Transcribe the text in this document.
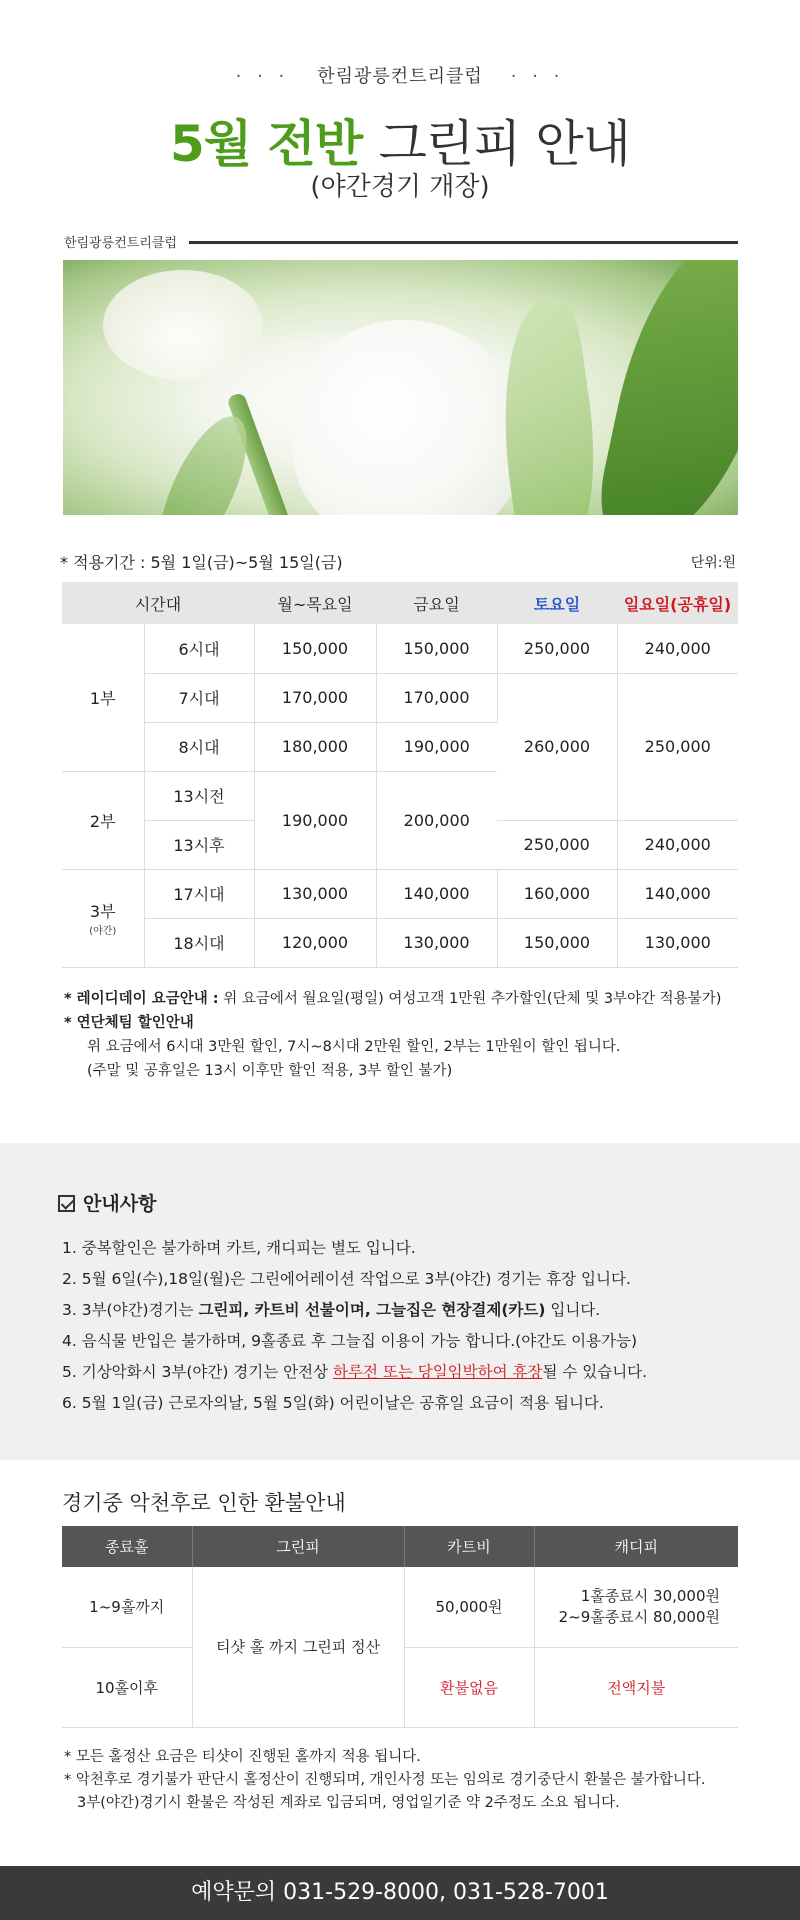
· · · 한림광릉컨트리클럽 · · ·
5월 전반 그린피 안내
(야간경기 개장)
한림광릉컨트리클럽
* 적용기간 : 5월 1일(금)~5월 15일(금)	단위:원
시간대		월~목요일	금요일	토요일	일요일(공휴일)
1부	6시대	150,000	150,000	250,000	240,000
	7시대	170,000	170,000	260,000	250,000
	8시대	180,000	190,000		
2부	13시전	190,000	200,000		
	13시후			250,000	240,000
3부
(야간)	17시대	130,000	140,000	160,000	140,000
	18시대	120,000	130,000	150,000	130,000
* 레이디데이 요금안내 : 위 요금에서 월요일(평일) 여성고객 1만원 추가할인(단체 및 3부야간 적용불가)
* 연단체팀 할인안내
위 요금에서 6시대 3만원 할인, 7시~8시대 2만원 할인, 2부는 1만원이 할인 됩니다.
(주말 및 공휴일은 13시 이후만 할인 적용, 3부 할인 불가)
안내사항
1. 중복할인은 불가하며 카트, 캐디피는 별도 입니다.
2. 5월 6일(수),18일(월)은 그린에어레이션 작업으로 3부(야간) 경기는 휴장 입니다.
3. 3부(야간)경기는 그린피, 카트비 선불이며, 그늘집은 현장결제(카드) 입니다.
4. 음식물 반입은 불가하며, 9홀종료 후 그늘집 이용이 가능 합니다.(야간도 이용가능)
5. 기상악화시 3부(야간) 경기는 안전상 하루전 또는 당일임박하여 휴장될 수 있습니다.
6. 5월 1일(금) 근로자의날, 5월 5일(화) 어린이날은 공휴일 요금이 적용 됩니다.
경기중 악천후로 인한 환불안내
종료홀	그린피	카트비	캐디피
1~9홀까지	티샷 홀 까지 그린피 정산	50,000원	1홀종료시 30,000원
2~9홀종료시 80,000원

10홀이후		환불없음	전액지불
* 모든 홀정산 요금은 티샷이 진행된 홀까지 적용 됩니다.
* 악천후로 경기불가 판단시 홀정산이 진행되며, 개인사정 또는 임의로 경기중단시 환불은 불가합니다.
3부(야간)경기시 환불은 작성된 계좌로 입금되며, 영업일기준 약 2주정도 소요 됩니다.
예약문의 031-529-8000, 031-528-7001
